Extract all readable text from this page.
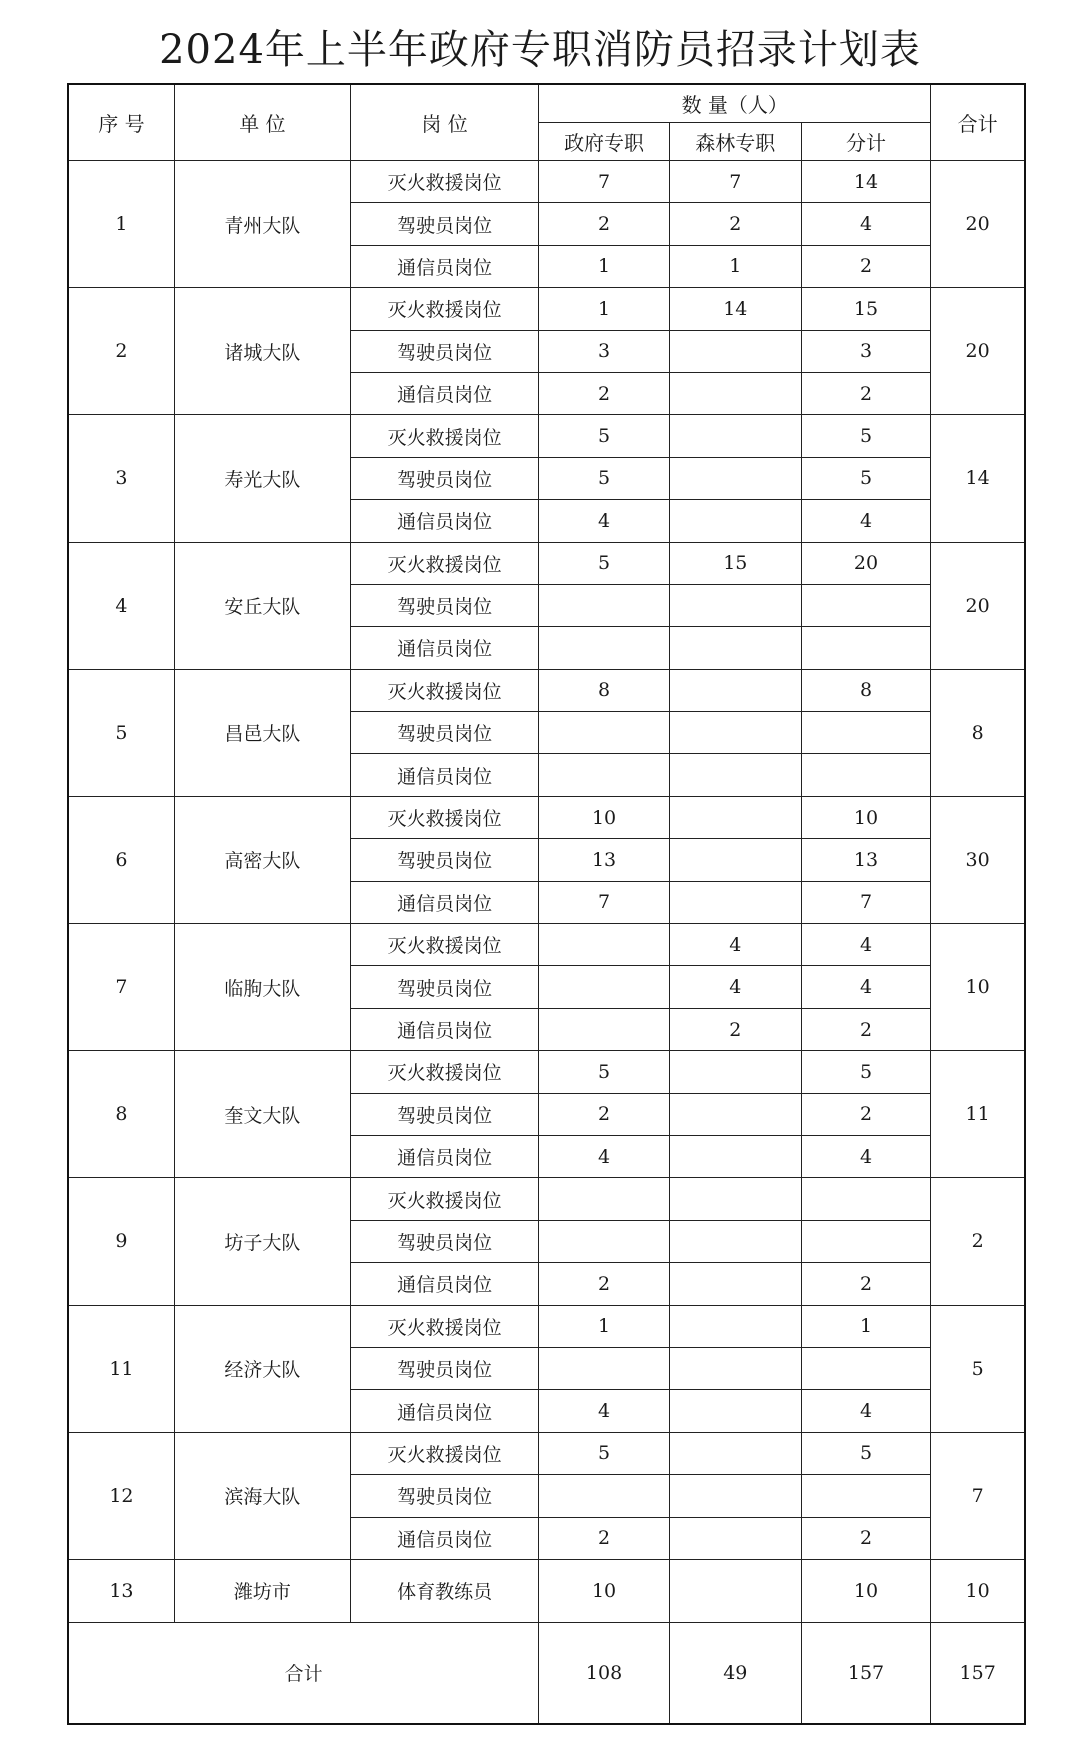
2024年上半年政府专职消防员招录计划表
序 号	单 位	岗 位	数 量（人）			合计
			政府专职	森林专职	分计	
1	青州大队	灭火救援岗位	7	7	14	20
		驾驶员岗位	2	2	4	
		通信员岗位	1	1	2	
2	诸城大队	灭火救援岗位	1	14	15	20
		驾驶员岗位	3		3	
		通信员岗位	2		2	
3	寿光大队	灭火救援岗位	5		5	14
		驾驶员岗位	5		5	
		通信员岗位	4		4	
4	安丘大队	灭火救援岗位	5	15	20	20
		驾驶员岗位				
		通信员岗位				
5	昌邑大队	灭火救援岗位	8		8	8
		驾驶员岗位				
		通信员岗位				
6	高密大队	灭火救援岗位	10		10	30
		驾驶员岗位	13		13	
		通信员岗位	7		7	
7	临朐大队	灭火救援岗位		4	4	10
		驾驶员岗位		4	4	
		通信员岗位		2	2	
8	奎文大队	灭火救援岗位	5		5	11
		驾驶员岗位	2		2	
		通信员岗位	4		4	
9	坊子大队	灭火救援岗位				2
		驾驶员岗位				
		通信员岗位	2		2	
11	经济大队	灭火救援岗位	1		1	5
		驾驶员岗位				
		通信员岗位	4		4	
12	滨海大队	灭火救援岗位	5		5	7
		驾驶员岗位				
		通信员岗位	2		2	
13	潍坊市	体育教练员	10		10	10
合计			108	49	157	157
